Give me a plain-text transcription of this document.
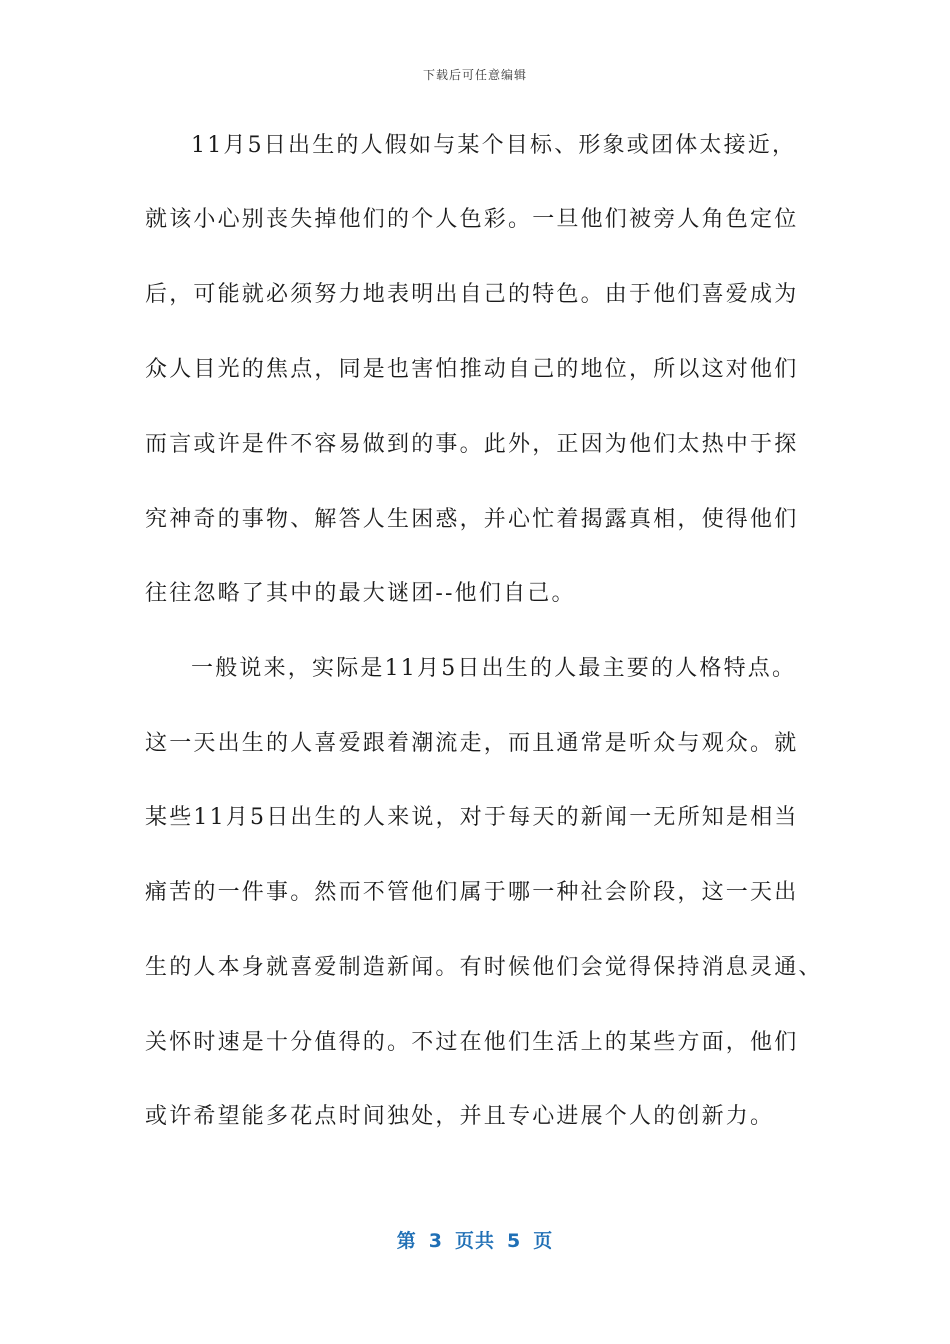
下载后可任意编辑
11月5日出生的人假如与某个目标、形象或团体太接近，
就该小心别丧失掉他们的个人色彩。一旦他们被旁人角色定位
后，可能就必须努力地表明出自己的特色。由于他们喜爱成为
众人目光的焦点，同是也害怕推动自己的地位，所以这对他们
而言或许是件不容易做到的事。此外，正因为他们太热中于探
究神奇的事物、解答人生困惑，并心忙着揭露真相，使得他们
往往忽略了其中的最大谜团--他们自己。
一般说来，实际是11月5日出生的人最主要的人格特点。
这一天出生的人喜爱跟着潮流走，而且通常是听众与观众。就
某些11月5日出生的人来说，对于每天的新闻一无所知是相当
痛苦的一件事。然而不管他们属于哪一种社会阶段，这一天出
生的人本身就喜爱制造新闻。有时候他们会觉得保持消息灵通、
关怀时速是十分值得的。不过在他们生活上的某些方面，他们
或许希望能多花点时间独处，并且专心进展个人的创新力。
第 3 页共 5 页
